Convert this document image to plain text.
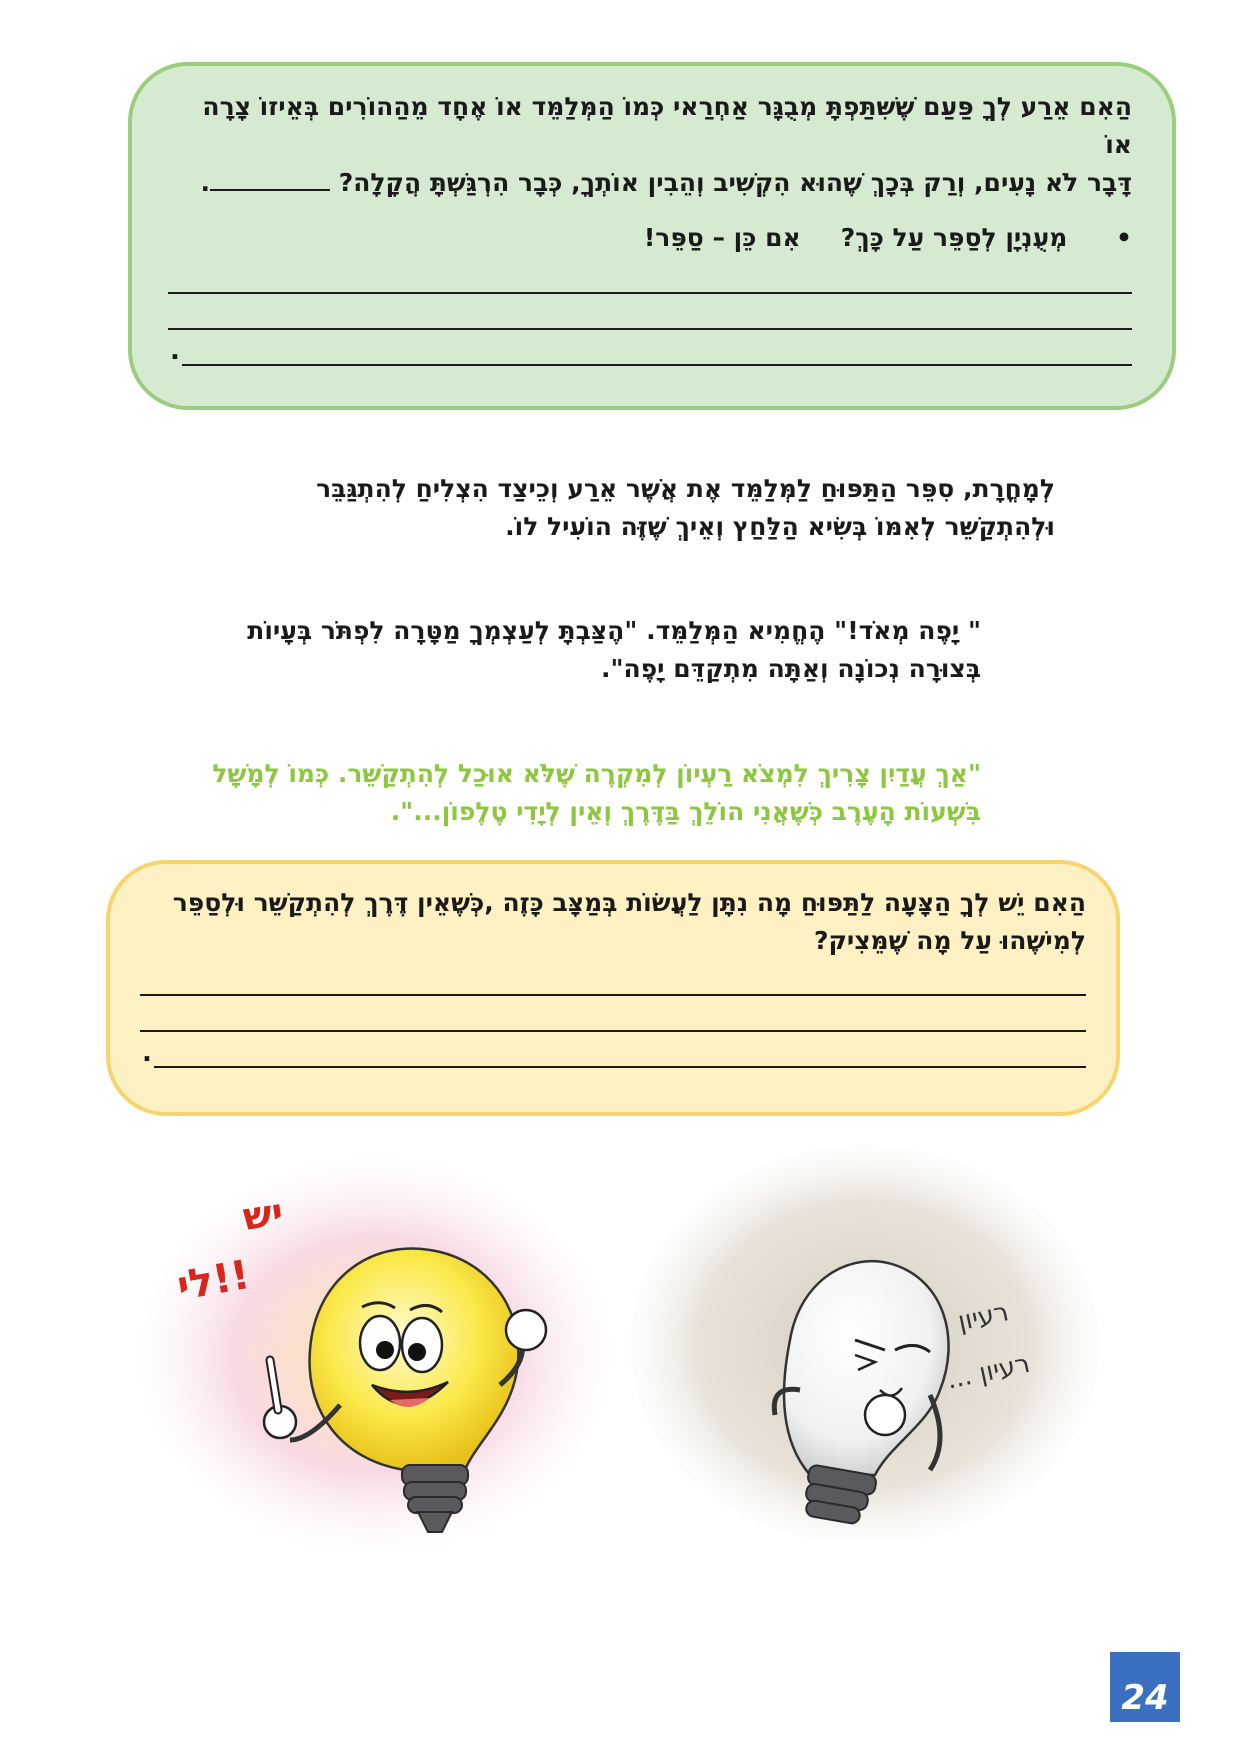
הַאִם אֵרַע לְךָ פַּעַם שֶׁשִּׁתַּפְתָּ מְבֻגָּר אַחְרַאי כְּמוֹ הַמְּלַמֵּד אוֹ אֶחָד מֵהַהוֹרִים בְּאֵיזוֹ צָרָה אוֹ

דָּבָר לֹא נָעִים, וְרַק בְּכָךְ שֶׁהוּא הִקְשִׁיב וְהֵבִין אוֹתְךָ, כְּבָר הִרְגַּשְׁתָּ הֲקָלָה? .

• מְעֻנְיָן לְסַפֵּר עַל כָּךְ?אִם כֵּן – סַפֵּר!
.
לְמָחֳרָת, סִפֵּר הַתַּפּוּחַ לַמְּלַמֵּד אֶת אֲשֶׁר אֵרַע וְכֵיצַד הִצְלִיחַ לְהִתְגַּבֵּר
וּלְהִתְקַשֵּׁר לְאִמּוֹ בְּשִׂיא הַלַּחַץ וְאֵיךְ שֶׁזֶּה הוֹעִיל לוֹ.
" יָפֶה מְאֹד!" הֶחֱמִיא הַמְּלַמֵּד. "הֶצַּבְתָּ לְעַצְמְךָ מַטָּרָה לִפְתֹּר בְּעָיוֹת
בְּצוּרָה נְכוֹנָה וְאַתָּה מִתְקַדֵּם יָפֶה".
"אַךְ עֲדַיִן צָרִיךְ לִמְצֹא רַעְיוֹן לְמִקְרֶה שֶׁלֹּא אוּכַל לְהִתְקַשֵּׁר. כְּמוֹ לְמָשָׁל
בִּשְׁעוֹת הָעֶרֶב כְּשֶׁאֲנִי הוֹלֵךְ בַּדֶּרֶךְ וְאֵין לְיָדִי טֶלֶפוֹן...".

הַאִם יֵשׁ לְךָ הַצָּעָה לַתַּפּוּחַ מָה נִתָּן לַעֲשׂוֹת בְּמַצָּב כָּזֶה ,כְּשֶׁאֵין דֶּרֶךְ לְהִתְקַשֵּׁר וּלְסַפֵּר

לְמִישֶׁהוּ עַל מָה שֶׁמֵּצִיק?

.
יש
לי!!
רעיון
רעיון ...
24
